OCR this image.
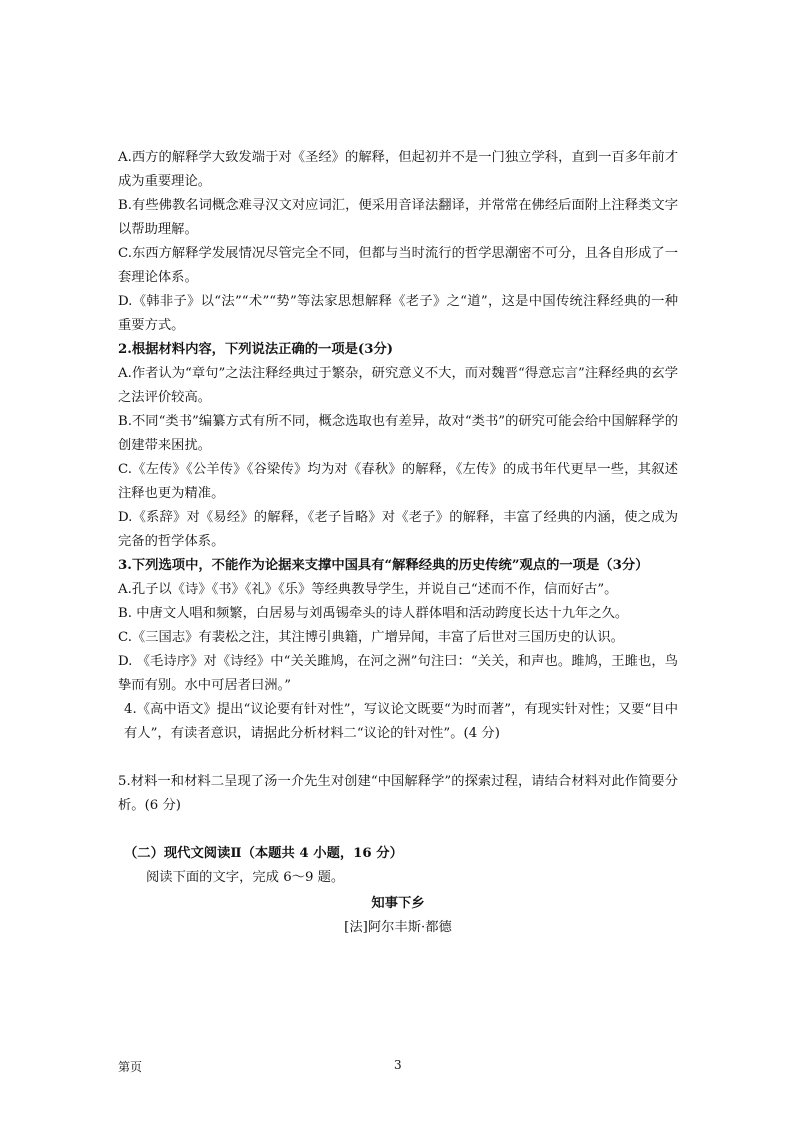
A.西方的解释学大致发端于对《圣经》的解释，但起初并不是一门独立学科，直到一百多年前才成为重要理论。

B.有些佛教名词概念难寻汉文对应词汇，便采用音译法翻译，并常常在佛经后面附上注释类文字以帮助理解。

C.东西方解释学发展情况尽管完全不同，但都与当时流行的哲学思潮密不可分，且各自形成了一套理论体系。

D.《韩非子》以“法”“术”“势”等法家思想解释《老子》之“道”，这是中国传统注释经典的一种重要方式。

2.根据材料内容，下列说法正确的一项是(3分)

A.作者认为“章句”之法注释经典过于繁杂，研究意义不大，而对魏晋“得意忘言”注释经典的玄学之法评价较高。

B.不同“类书”编纂方式有所不同，概念选取也有差异，故对“类书”的研究可能会给中国解释学的创建带来困扰。

C.《左传》《公羊传》《谷梁传》均为对《春秋》的解释，《左传》的成书年代更早一些，其叙述注释也更为精准。

D.《系辞》对《易经》的解释，《老子旨略》对《老子》的解释，丰富了经典的内涵，使之成为完备的哲学体系。

3.下列选项中，不能作为论据来支撑中国具有“解释经典的历史传统”观点的一项是（3分）

A.孔子以《诗》《书》《礼》《乐》等经典教导学生，并说自己“述而不作，信而好古”。

B. 中唐文人唱和频繁，白居易与刘禹锡牵头的诗人群体唱和活动跨度长达十九年之久。

C.《三国志》有裴松之注，其注博引典籍，广增异闻，丰富了后世对三国历史的认识。

D. 《毛诗序》对《诗经》中“关关雎鸠，在河之洲”句注曰：“关关，和声也。雎鸠，王雎也，鸟挚而有别。水中可居者曰洲。”

4.《高中语文》提出“议论要有针对性”，写议论文既要“为时而著”，有现实针对性；又要“目中有人”，有读者意识，请据此分析材料二“议论的针对性”。(4 分)

5.材料一和材料二呈现了汤一介先生对创建“中国解释学”的探索过程，请结合材料对此作简要分析。(6 分)

（二）现代文阅读Ⅱ（本题共 4 小题，16 分）

阅读下面的文字，完成 6～9 题。

知事下乡

[法]阿尔丰斯·都德

第页	3
